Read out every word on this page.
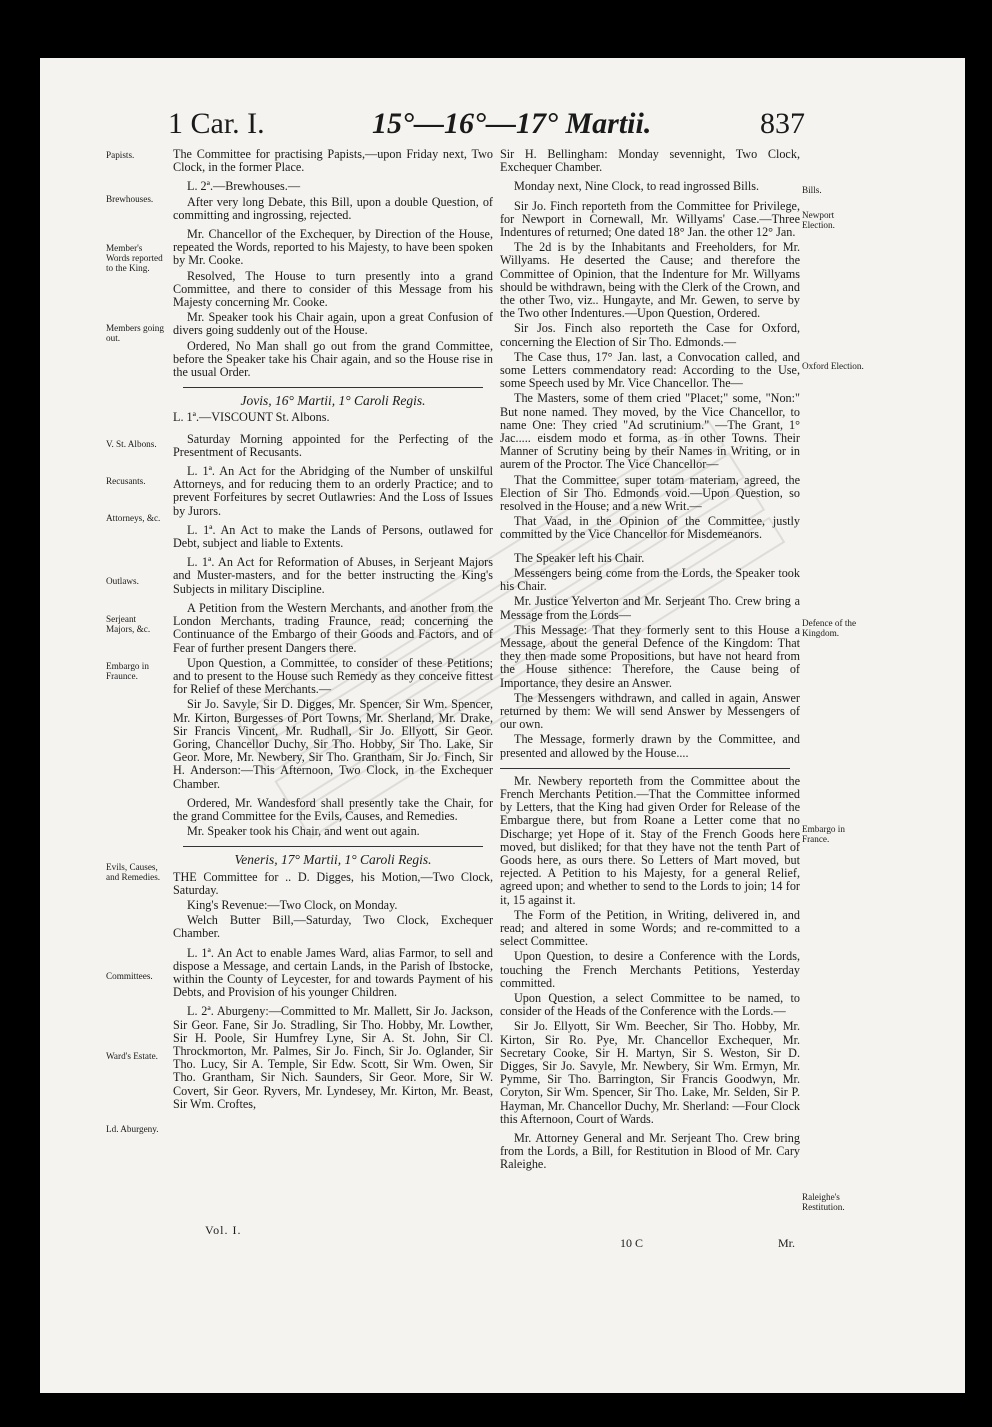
1 Car. I.	15°—16°—17° Martii.	837

The Committee for practising Papists,—upon Friday next, Two Clock, in the former Place.

L. 2ª.—Brewhouses.—

After very long Debate, this Bill, upon a double Question, of committing and ingrossing, rejected.

Mr. Chancellor of the Exchequer, by Direction of the House, repeated the Words, reported to his Majesty, to have been spoken by Mr. Cooke.

Resolved, The House to turn presently into a grand Committee, and there to consider of this Message from his Majesty concerning Mr. Cooke.

Mr. Speaker took his Chair again, upon a great Confusion of divers going suddenly out of the House.

Ordered, No Man shall go out from the grand Committee, before the Speaker take his Chair again, and so the House rise in the usual Order.

Jovis, 16° Martii, 1° Caroli Regis.

L. 1ª.—VISCOUNT St. Albons.

Saturday Morning appointed for the Perfecting of the Presentment of Recusants.

L. 1ª. An Act for the Abridging of the Number of unskilful Attorneys, and for reducing them to an orderly Practice; and to prevent Forfeitures by secret Outlawries: And the Loss of Issues by Jurors.

L. 1ª. An Act to make the Lands of Persons, outlawed for Debt, subject and liable to Extents.

L. 1ª. An Act for Reformation of Abuses, in Serjeant Majors and Muster-masters, and for the better instructing the King's Subjects in military Discipline.

A Petition from the Western Merchants, and another from the London Merchants, trading Fraunce, read; concerning the Continuance of the Embargo of their Goods and Factors, and of Fear of further present Dangers there.

Upon Question, a Committee, to consider of these Petitions; and to present to the House such Remedy as they conceive fittest for Relief of these Merchants.—

Sir Jo. Savyle, Sir D. Digges, Mr. Spencer, Sir Wm. Spencer, Mr. Kirton, Burgesses of Port Towns, Mr. Sherland, Mr. Drake, Sir Francis Vincent, Mr. Rudhall, Sir Jo. Ellyott, Sir Geor. Goring, Chancellor Duchy, Sir Tho. Hobby, Sir Tho. Lake, Sir Geor. More, Mr. Newbery, Sir Tho. Grantham, Sir Jo. Finch, Sir H. Anderson:—This Afternoon, Two Clock, in the Exchequer Chamber.

Ordered, Mr. Wandesford shall presently take the Chair, for the grand Committee for the Evils, Causes, and Remedies.

Mr. Speaker took his Chair, and went out again.

Veneris, 17° Martii, 1° Caroli Regis.

THE Committee for .. D. Digges, his Motion,—Two Clock, Saturday.

King's Revenue:—Two Clock, on Monday.

Welch Butter Bill,—Saturday, Two Clock, Exchequer Chamber.

L. 1ª. An Act to enable James Ward, alias Farmor, to sell and dispose a Message, and certain Lands, in the Parish of Ibstocke, within the County of Leycester, for and towards Payment of his Debts, and Provision of his younger Children.

L. 2ª. Aburgeny:—Committed to Mr. Mallett, Sir Jo. Jackson, Sir Geor. Fane, Sir Jo. Stradling, Sir Tho. Hobby, Mr. Lowther, Sir H. Poole, Sir Humfrey Lyne, Sir A. St. John, Sir Cl. Throckmorton, Mr. Palmes, Sir Jo. Finch, Sir Jo. Oglander, Sir Tho. Lucy, Sir A. Temple, Sir Edw. Scott, Sir Wm. Owen, Sir Tho. Grantham, Sir Nich. Saunders, Sir Geor. More, Sir W. Covert, Sir Geor. Ryvers, Mr. Lyndesey, Mr. Kirton, Mr. Beast, Sir Wm. Croftes,

Papists.
Brewhouses.
Member's Words reported to the King.
Members going out.
V. St. Albons.
Recusants.
Attorneys, &c.
Outlaws.
Serjeant Majors, &c.
Embargo in Fraunce.
Evils, Causes, and Remedies.
Committees.
Ward's Estate.
Ld. Aburgeny.

Sir H. Bellingham: Monday sevennight, Two Clock, Exchequer Chamber.

Monday next, Nine Clock, to read ingrossed Bills.

Sir Jo. Finch reporteth from the Committee for Privilege, for Newport in Cornewall, Mr. Willyams' Case.—Three Indentures of returned; One dated 18° Jan. the other 12° Jan.

The 2d is by the Inhabitants and Freeholders, for Mr. Willyams. He deserted the Cause; and therefore the Committee of Opinion, that the Indenture for Mr. Willyams should be withdrawn, being with the Clerk of the Crown, and the other Two, viz.. Hungayte, and Mr. Gewen, to serve by the Two other Indentures.—Upon Question, Ordered.

Sir Jos. Finch also reporteth the Case for Oxford, concerning the Election of Sir Tho. Edmonds.—

The Case thus, 17° Jan. last, a Convocation called, and some Letters commendatory read: According to the Use, some Speech used by Mr. Vice Chancellor. The—

The Masters, some of them cried "Placet;" some, "Non:" But none named. They moved, by the Vice Chancellor, to name One: They cried "Ad scrutinium." —The Grant, 1° Jac..... eisdem modo et forma, as in other Towns. Their Manner of Scrutiny being by their Names in Writing, or in aurem of the Proctor. The Vice Chancellor—

That the Committee, super totam materiam, agreed, the Election of Sir Tho. Edmonds void.—Upon Question, so resolved in the House; and a new Writ.—

That Vaad, in the Opinion of the Committee, justly committed by the Vice Chancellor for Misdemeanors.

The Speaker left his Chair.

Messengers being come from the Lords, the Speaker took his Chair.

Mr. Justice Yelverton and Mr. Serjeant Tho. Crew bring a Message from the Lords—

This Message: That they formerly sent to this House a Message, about the general Defence of the Kingdom: That they then made some Propositions, but have not heard from the House sithence: Therefore, the Cause being of Importance, they desire an Answer.

The Messengers withdrawn, and called in again, Answer returned by them: We will send Answer by Messengers of our own.

The Message, formerly drawn by the Committee, and presented and allowed by the House....

Mr. Newbery reporteth from the Committee about the French Merchants Petition.—That the Committee informed by Letters, that the King had given Order for Release of the Embargue there, but from Roane a Letter come that no Discharge; yet Hope of it. Stay of the French Goods here moved, but disliked; for that they have not the tenth Part of Goods here, as ours there. So Letters of Mart moved, but rejected. A Petition to his Majesty, for a general Relief, agreed upon; and whether to send to the Lords to join; 14 for it, 15 against it.

The Form of the Petition, in Writing, delivered in, and read; and altered in some Words; and re-committed to a select Committee.

Upon Question, to desire a Conference with the Lords, touching the French Merchants Petitions, Yesterday committed.

Upon Question, a select Committee to be named, to consider of the Heads of the Conference with the Lords.—

Sir Jo. Ellyott, Sir Wm. Beecher, Sir Tho. Hobby, Mr. Kirton, Sir Ro. Pye, Mr. Chancellor Exchequer, Mr. Secretary Cooke, Sir H. Martyn, Sir S. Weston, Sir D. Digges, Sir Jo. Savyle, Mr. Newbery, Sir Wm. Ermyn, Mr. Pymme, Sir Tho. Barrington, Sir Francis Goodwyn, Mr. Coryton, Sir Wm. Spencer, Sir Tho. Lake, Mr. Selden, Sir P. Hayman, Mr. Chancellor Duchy, Mr. Sherland: —Four Clock this Afternoon, Court of Wards.

Mr. Attorney General and Mr. Serjeant Tho. Crew bring from the Lords, a Bill, for Restitution in Blood of Mr. Cary Raleighe.

Bills.
Newport Election.
Oxford Election.
Defence of the Kingdom.
Embargo in France.
Raleighe's Restitution.
Vol. I.
10 C	Mr.
